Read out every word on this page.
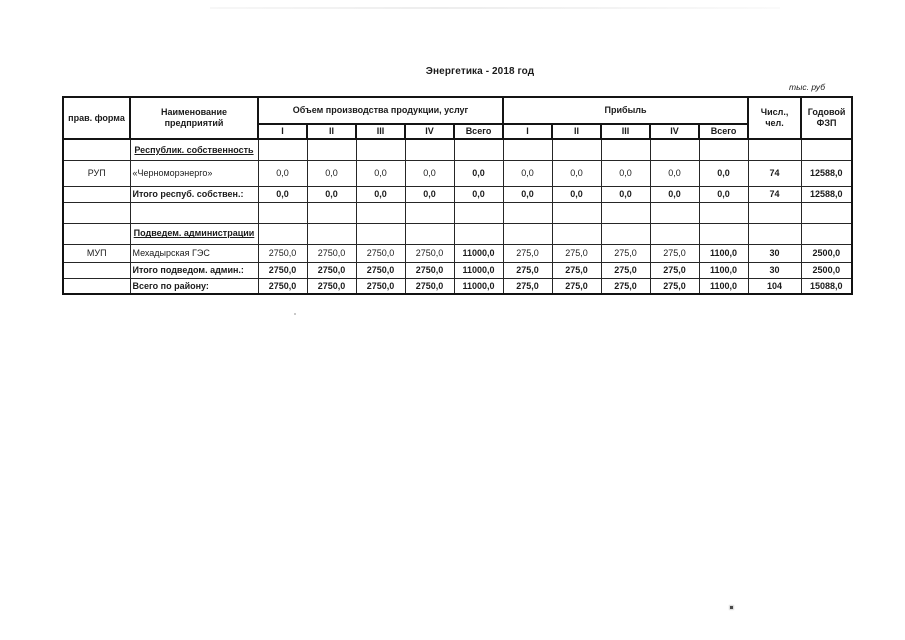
Энергетика - 2018 год
тыс. руб
прав. форма	Наименование предприятий	Объем производства продукции, услуг					Прибыль					Числ., чел.	Годовой ФЗП
		I	II	III	IV	Всего	I	II	III	IV	Всего		
	Республик. собственность												
РУП	«Черноморэнерго»	0,0	0,0	0,0	0,0	0,0	0,0	0,0	0,0	0,0	0,0	74	12588,0
	Итого респуб. собствен.:	0,0	0,0	0,0	0,0	0,0	0,0	0,0	0,0	0,0	0,0	74	12588,0

	Подведем. администрации												
МУП	Мехадырская ГЭС	2750,0	2750,0	2750,0	2750,0	11000,0	275,0	275,0	275,0	275,0	1100,0	30	2500,0
	Итого подведом. админ.:	2750,0	2750,0	2750,0	2750,0	11000,0	275,0	275,0	275,0	275,0	1100,0	30	2500,0
	Всего по району:	2750,0	2750,0	2750,0	2750,0	11000,0	275,0	275,0	275,0	275,0	1100,0	104	15088,0
